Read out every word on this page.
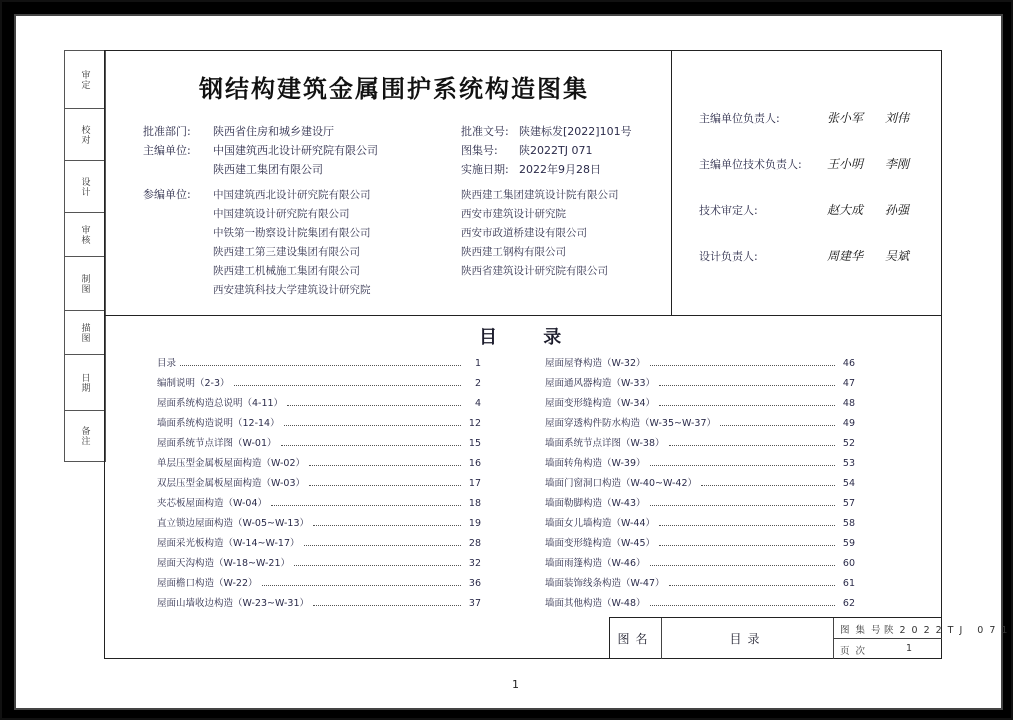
审定
校对
设计
审核
制图
描图
日期
备注
钢结构建筑金属围护系统构造图集
批准部门: 陕西省住房和城乡建设厅
主编单位: 中国建筑西北设计研究院有限公司
陕西建工集团有限公司
批准文号: 陕建标发[2022]101号
图集号: 陕2022TJ 071
实施日期: 2022年9月28日
参编单位: 中国建筑西北设计研究院有限公司
中国建筑设计研究院有限公司
中铁第一勘察设计院集团有限公司
陕西建工第三建设集团有限公司
陕西建工机械施工集团有限公司
西安建筑科技大学建筑设计研究院
陕西建工集团建筑设计院有限公司
西安市建筑设计研究院
西安市政道桥建设有限公司
陕西建工钢构有限公司
陕西省建筑设计研究院有限公司
主编单位负责人:	张小军 刘伟
主编单位技术负责人: 王小明 李刚
技术审定人:	赵大成 孙强
设计负责人:	周建华 吴斌
目 录
目录	1
编制说明（2-3）	2
屋面系统构造总说明（4-11）	4
墙面系统构造说明（12-14）	12
屋面系统节点详图（W-01）	15
单层压型金属板屋面构造（W-02）	16
双层压型金属板屋面构造（W-03）	17
夹芯板屋面构造（W-04）	18
直立锁边屋面构造（W-05~W-13）	19
屋面采光板构造（W-14~W-17）	28
屋面天沟构造（W-18~W-21）	32
屋面檐口构造（W-22）	36
屋面山墙收边构造（W-23~W-31）	37
屋面屋脊构造（W-32）	46
屋面通风器构造（W-33）	47
屋面变形缝构造（W-34）	48
屋面穿透构件防水构造（W-35~W-37）	49
墙面系统节点详图（W-38）	52
墙面转角构造（W-39）	53
墙面门窗洞口构造（W-40~W-42）	54
墙面勒脚构造（W-43）	57
墙面女儿墙构造（W-44）	58
墙面变形缝构造（W-45）	59
墙面雨篷构造（W-46）	60
墙面装饰线条构造（W-47）	61
墙面其他构造（W-48）	62
图名	目录
图集号
陕2022TJ 071
页次	1
1
